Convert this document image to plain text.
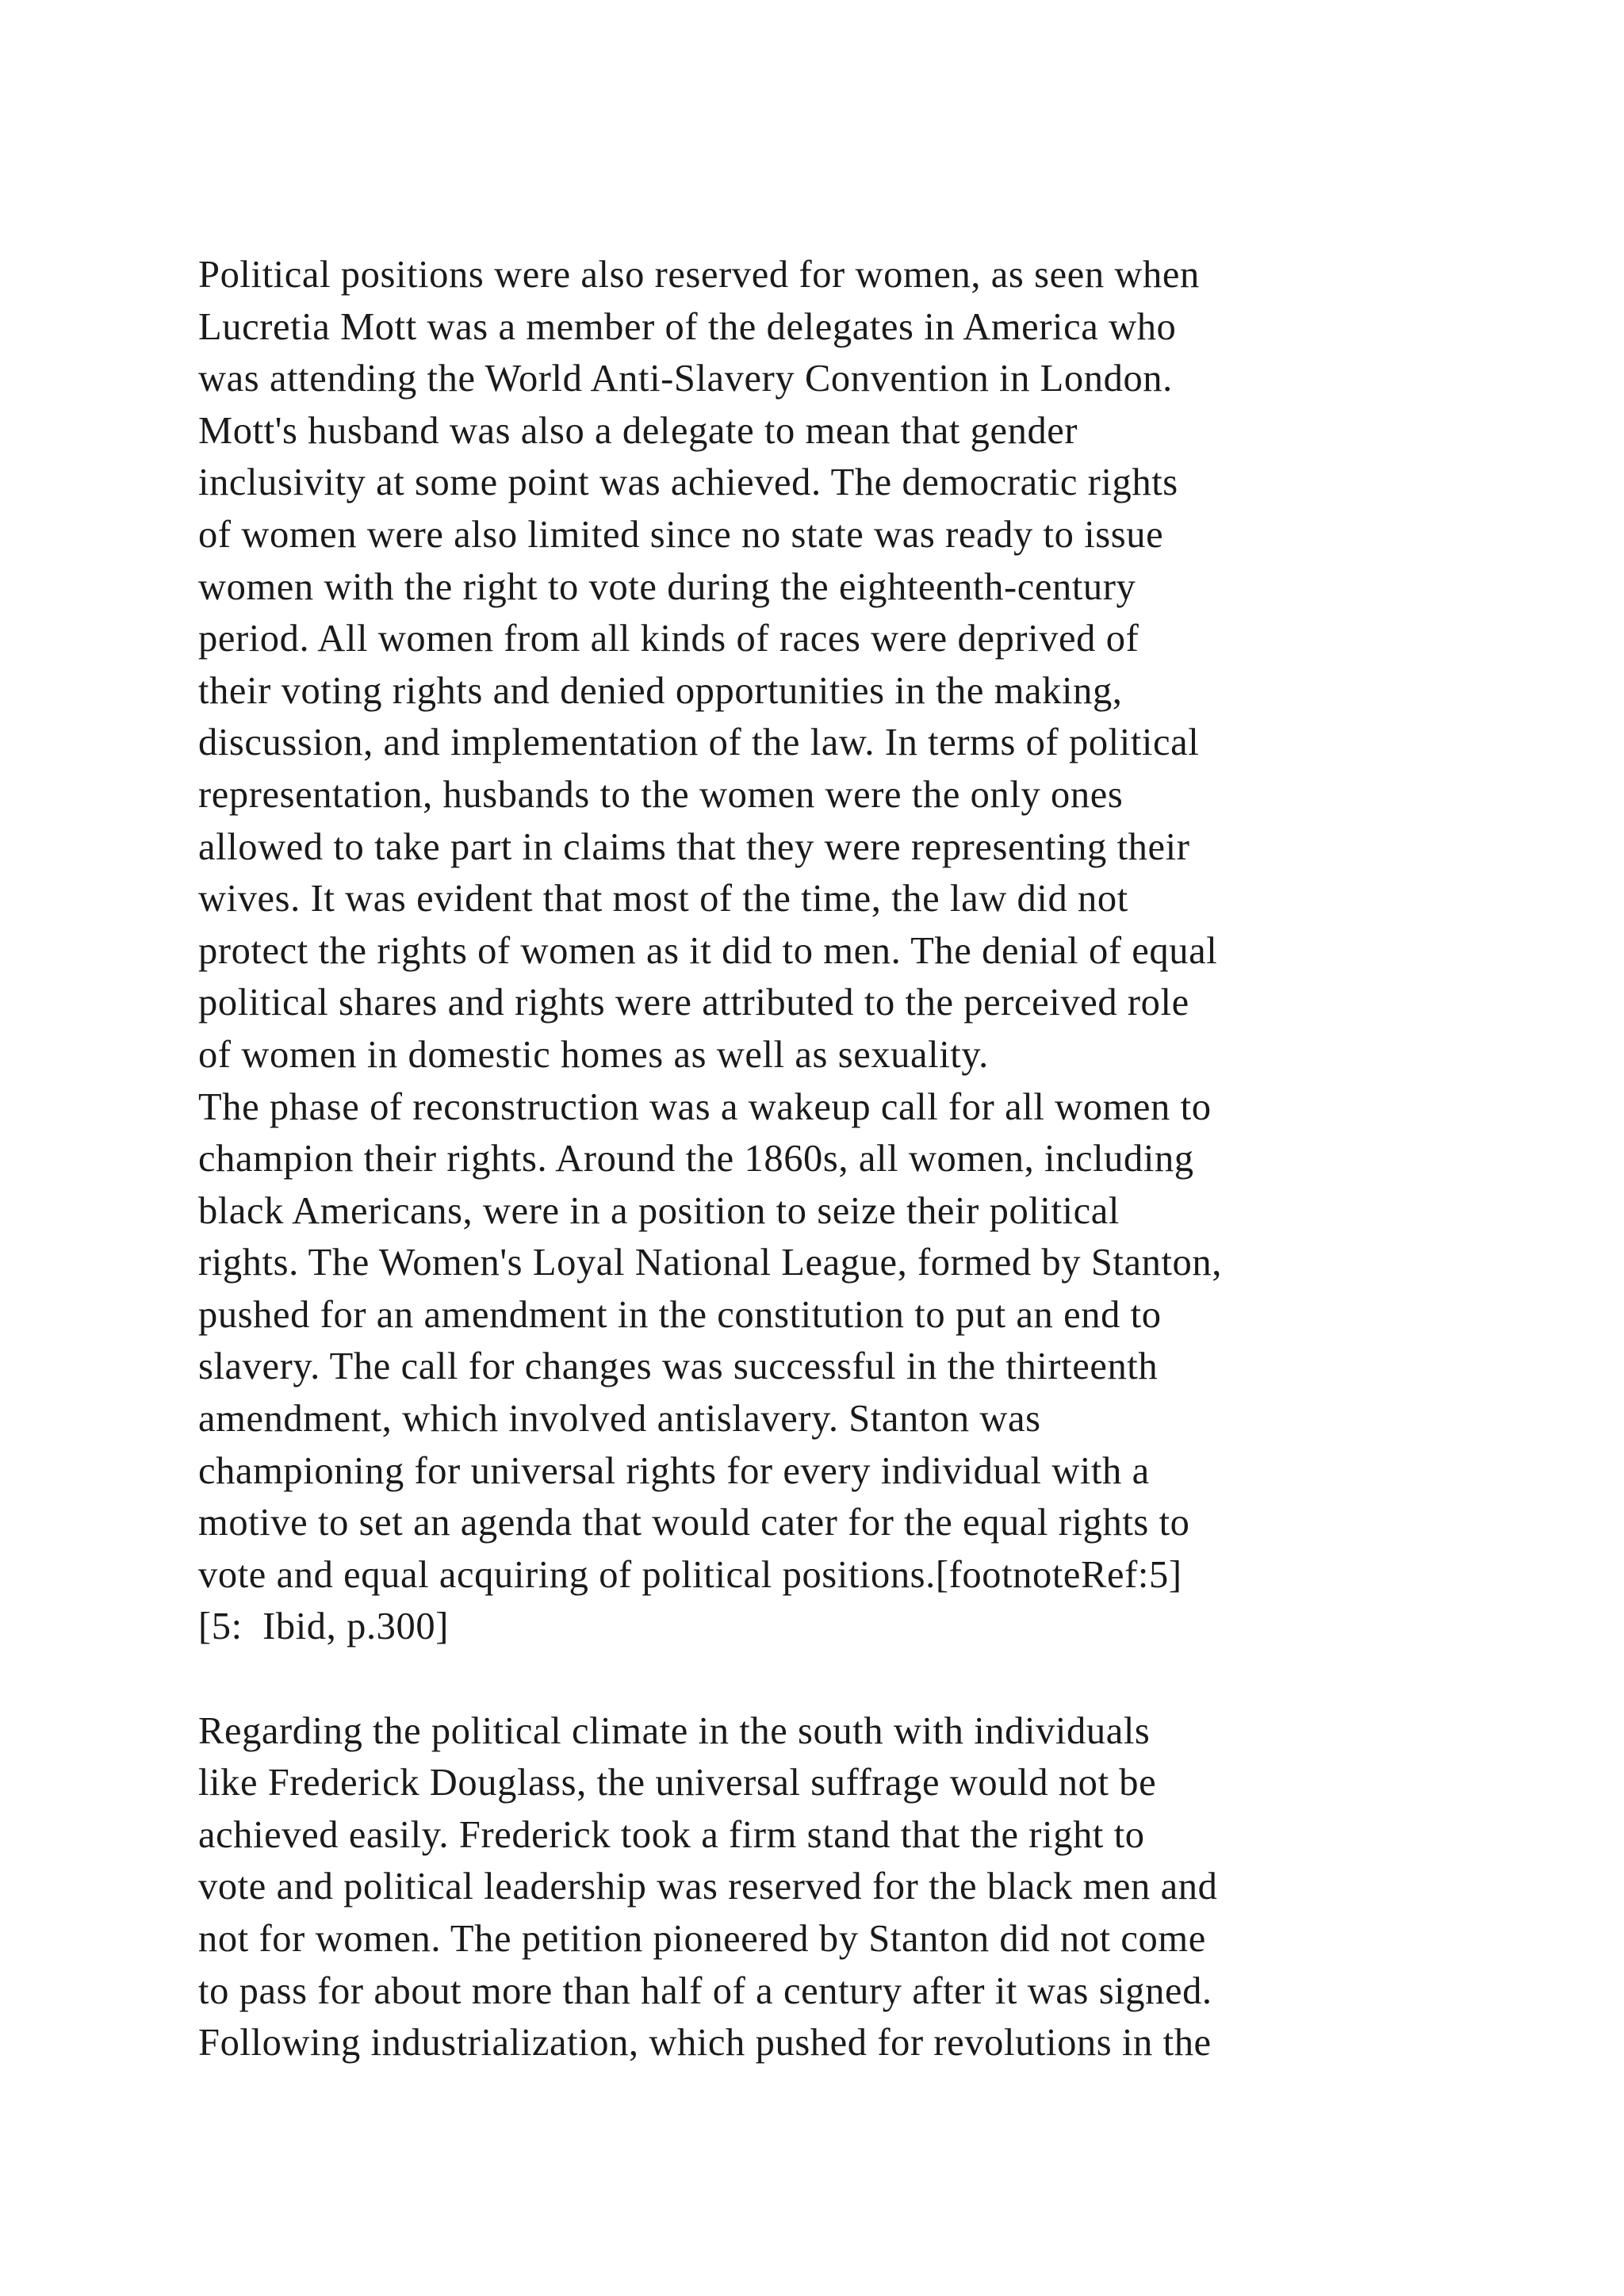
Political positions were also reserved for women, as seen when
Lucretia Mott was a member of the delegates in America who
was attending the World Anti-Slavery Convention in London.
Mott's husband was also a delegate to mean that gender
inclusivity at some point was achieved. The democratic rights
of women were also limited since no state was ready to issue
women with the right to vote during the eighteenth-century
period. All women from all kinds of races were deprived of
their voting rights and denied opportunities in the making,
discussion, and implementation of the law. In terms of political
representation, husbands to the women were the only ones
allowed to take part in claims that they were representing their
wives. It was evident that most of the time, the law did not
protect the rights of women as it did to men. The denial of equal
political shares and rights were attributed to the perceived role
of women in domestic homes as well as sexuality.
The phase of reconstruction was a wakeup call for all women to
champion their rights. Around the 1860s, all women, including
black Americans, were in a position to seize their political
rights. The Women's Loyal National League, formed by Stanton,
pushed for an amendment in the constitution to put an end to
slavery. The call for changes was successful in the thirteenth
amendment, which involved antislavery. Stanton was
championing for universal rights for every individual with a
motive to set an agenda that would cater for the equal rights to
vote and equal acquiring of political positions.[footnoteRef:5]
[5:  Ibid, p.300]
Regarding the political climate in the south with individuals
like Frederick Douglass, the universal suffrage would not be
achieved easily. Frederick took a firm stand that the right to
vote and political leadership was reserved for the black men and
not for women. The petition pioneered by Stanton did not come
to pass for about more than half of a century after it was signed.
Following industrialization, which pushed for revolutions in the
